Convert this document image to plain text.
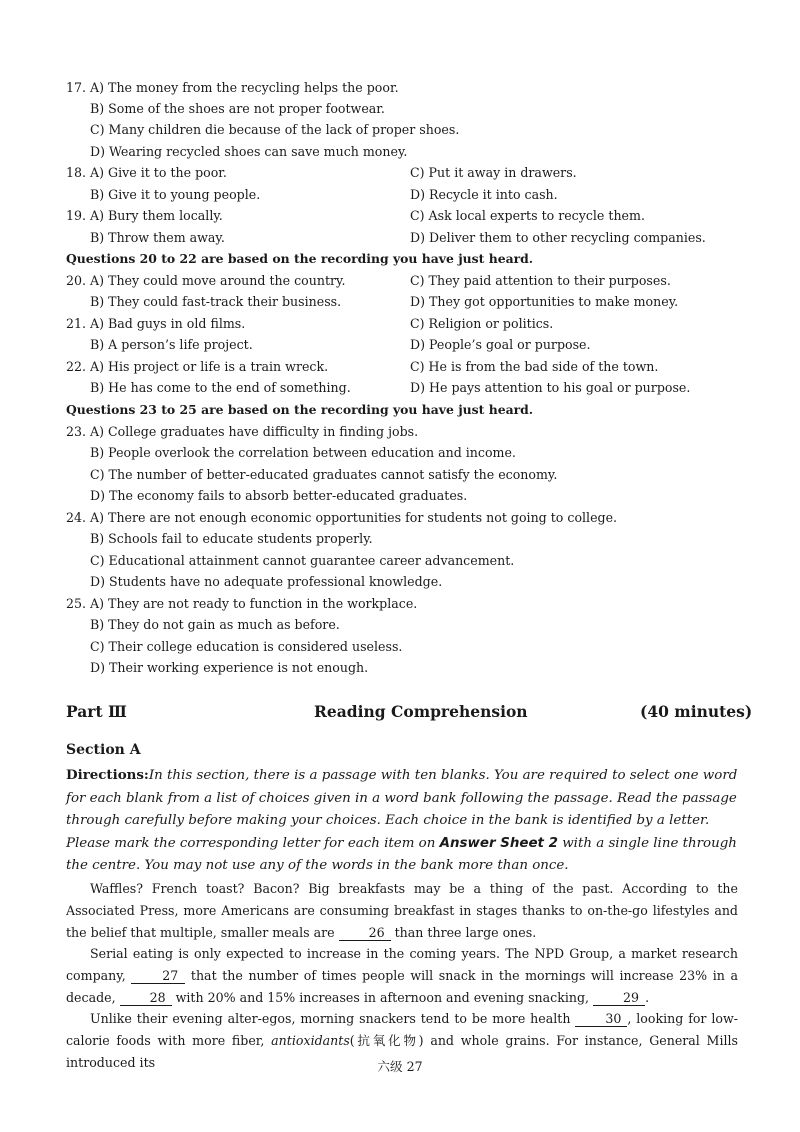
17. A) The money from the recycling helps the poor.
B) Some of the shoes are not proper footwear.
C) Many children die because of the lack of proper shoes.
D) Wearing recycled shoes can save much money.
18. A) Give it to the poor.	C) Put it away in drawers.
B) Give it to young people.	D) Recycle it into cash.
19. A) Bury them locally.	C) Ask local experts to recycle them.
B) Throw them away.	D) Deliver them to other recycling companies.
Questions 20 to 22 are based on the recording you have just heard.
20. A) They could move around the country.	C) They paid attention to their purposes.
B) They could fast-track their business.	D) They got opportunities to make money.
21. A) Bad guys in old films.	C) Religion or politics.
B) A person’s life project.	D) People’s goal or purpose.
22. A) His project or life is a train wreck.	C) He is from the bad side of the town.
B) He has come to the end of something.	D) He pays attention to his goal or purpose.
Questions 23 to 25 are based on the recording you have just heard.
23. A) College graduates have difficulty in finding jobs.
B) People overlook the correlation between education and income.
C) The number of better-educated graduates cannot satisfy the economy.
D) The economy fails to absorb better-educated graduates.
24. A) There are not enough economic opportunities for students not going to college.
B) Schools fail to educate students properly.
C) Educational attainment cannot guarantee career advancement.
D) Students have no adequate professional knowledge.
25. A) They are not ready to function in the workplace.
B) They do not gain as much as before.
C) Their college education is considered useless.
D) Their working experience is not enough.
Part Ⅲ	Reading Comprehension	(40 minutes)
Section A
Directions:In this section, there is a passage with ten blanks. You are required to select one word for each blank from a list of choices given in a word bank following the passage. Read the passage through carefully before making your choices. Each choice in the bank is identified by a letter. Please mark the corresponding letter for each item on Answer Sheet 2 with a single line through the centre. You may not use any of the words in the bank more than once.
Waffles? French toast? Bacon? Big breakfasts may be a thing of the past. According to the Associated Press, more Americans are consuming breakfast in stages thanks to on-the-go lifestyles and the belief that multiple, smaller meals are 26 than three large ones.
Serial eating is only expected to increase in the coming years. The NPD Group, a market research company, 27 that the number of times people will snack in the mornings will increase 23% in a decade, 28 with 20% and 15% increases in afternoon and evening snacking, 29 .
Unlike their evening alter-egos, morning snackers tend to be more health 30 , looking for low-calorie foods with more fiber, antioxidants(抗氧化物) and whole grains. For instance, General Mills introduced its	六级 27
